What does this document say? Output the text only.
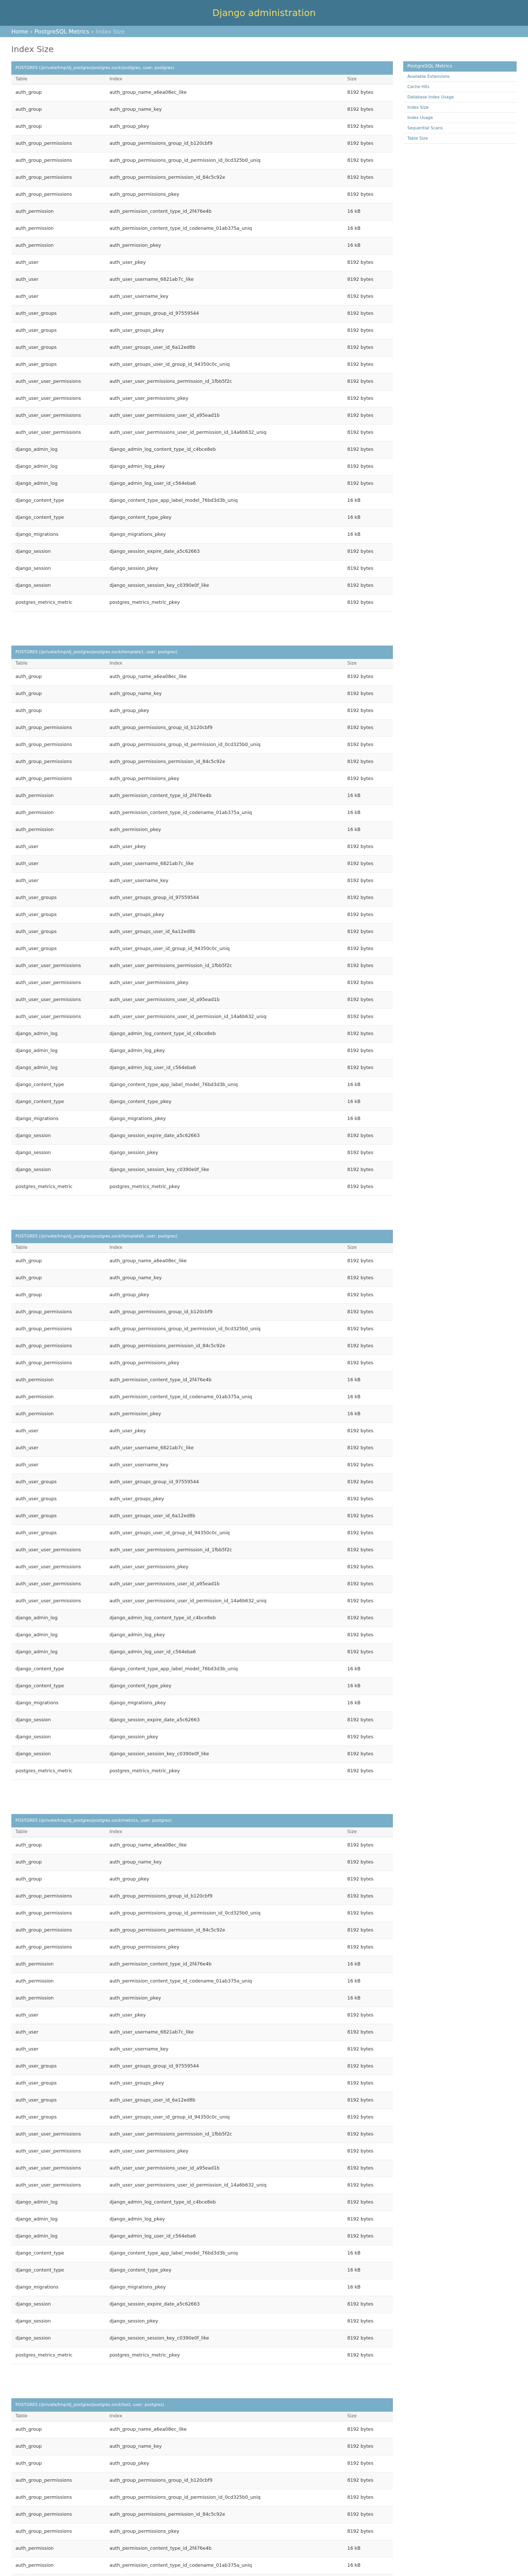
Django administration
Home › PostgreSQL Metrics › Index Size
Index Size
POSTGRES (/private/tmp/dj_postgres/postgres.sock/postgres, user: postgres)
Table	Index	Size
auth_group	auth_group_name_a6ea08ec_like	8192 bytes
auth_group	auth_group_name_key	8192 bytes
auth_group	auth_group_pkey	8192 bytes
auth_group_permissions	auth_group_permissions_group_id_b120cbf9	8192 bytes
auth_group_permissions	auth_group_permissions_group_id_permission_id_0cd325b0_uniq	8192 bytes
auth_group_permissions	auth_group_permissions_permission_id_84c5c92e	8192 bytes
auth_group_permissions	auth_group_permissions_pkey	8192 bytes
auth_permission	auth_permission_content_type_id_2f476e4b	16 kB
auth_permission	auth_permission_content_type_id_codename_01ab375a_uniq	16 kB
auth_permission	auth_permission_pkey	16 kB
auth_user	auth_user_pkey	8192 bytes
auth_user	auth_user_username_6821ab7c_like	8192 bytes
auth_user	auth_user_username_key	8192 bytes
auth_user_groups	auth_user_groups_group_id_97559544	8192 bytes
auth_user_groups	auth_user_groups_pkey	8192 bytes
auth_user_groups	auth_user_groups_user_id_6a12ed8b	8192 bytes
auth_user_groups	auth_user_groups_user_id_group_id_94350c0c_uniq	8192 bytes
auth_user_user_permissions	auth_user_user_permissions_permission_id_1fbb5f2c	8192 bytes
auth_user_user_permissions	auth_user_user_permissions_pkey	8192 bytes
auth_user_user_permissions	auth_user_user_permissions_user_id_a95ead1b	8192 bytes
auth_user_user_permissions	auth_user_user_permissions_user_id_permission_id_14a6b632_uniq	8192 bytes
django_admin_log	django_admin_log_content_type_id_c4bce8eb	8192 bytes
django_admin_log	django_admin_log_pkey	8192 bytes
django_admin_log	django_admin_log_user_id_c564eba6	8192 bytes
django_content_type	django_content_type_app_label_model_76bd3d3b_uniq	16 kB
django_content_type	django_content_type_pkey	16 kB
django_migrations	django_migrations_pkey	16 kB
django_session	django_session_expire_date_a5c62663	8192 bytes
django_session	django_session_pkey	8192 bytes
django_session	django_session_session_key_c0390e0f_like	8192 bytes
postgres_metrics_metric	postgres_metrics_metric_pkey	8192 bytes
POSTGRES (/private/tmp/dj_postgres/postgres.sock/template1, user: postgres)
Table	Index	Size
auth_group	auth_group_name_a6ea08ec_like	8192 bytes
auth_group	auth_group_name_key	8192 bytes
auth_group	auth_group_pkey	8192 bytes
auth_group_permissions	auth_group_permissions_group_id_b120cbf9	8192 bytes
auth_group_permissions	auth_group_permissions_group_id_permission_id_0cd325b0_uniq	8192 bytes
auth_group_permissions	auth_group_permissions_permission_id_84c5c92e	8192 bytes
auth_group_permissions	auth_group_permissions_pkey	8192 bytes
auth_permission	auth_permission_content_type_id_2f476e4b	16 kB
auth_permission	auth_permission_content_type_id_codename_01ab375a_uniq	16 kB
auth_permission	auth_permission_pkey	16 kB
auth_user	auth_user_pkey	8192 bytes
auth_user	auth_user_username_6821ab7c_like	8192 bytes
auth_user	auth_user_username_key	8192 bytes
auth_user_groups	auth_user_groups_group_id_97559544	8192 bytes
auth_user_groups	auth_user_groups_pkey	8192 bytes
auth_user_groups	auth_user_groups_user_id_6a12ed8b	8192 bytes
auth_user_groups	auth_user_groups_user_id_group_id_94350c0c_uniq	8192 bytes
auth_user_user_permissions	auth_user_user_permissions_permission_id_1fbb5f2c	8192 bytes
auth_user_user_permissions	auth_user_user_permissions_pkey	8192 bytes
auth_user_user_permissions	auth_user_user_permissions_user_id_a95ead1b	8192 bytes
auth_user_user_permissions	auth_user_user_permissions_user_id_permission_id_14a6b632_uniq	8192 bytes
django_admin_log	django_admin_log_content_type_id_c4bce8eb	8192 bytes
django_admin_log	django_admin_log_pkey	8192 bytes
django_admin_log	django_admin_log_user_id_c564eba6	8192 bytes
django_content_type	django_content_type_app_label_model_76bd3d3b_uniq	16 kB
django_content_type	django_content_type_pkey	16 kB
django_migrations	django_migrations_pkey	16 kB
django_session	django_session_expire_date_a5c62663	8192 bytes
django_session	django_session_pkey	8192 bytes
django_session	django_session_session_key_c0390e0f_like	8192 bytes
postgres_metrics_metric	postgres_metrics_metric_pkey	8192 bytes
POSTGRES (/private/tmp/dj_postgres/postgres.sock/template0, user: postgres)
Table	Index	Size
auth_group	auth_group_name_a6ea08ec_like	8192 bytes
auth_group	auth_group_name_key	8192 bytes
auth_group	auth_group_pkey	8192 bytes
auth_group_permissions	auth_group_permissions_group_id_b120cbf9	8192 bytes
auth_group_permissions	auth_group_permissions_group_id_permission_id_0cd325b0_uniq	8192 bytes
auth_group_permissions	auth_group_permissions_permission_id_84c5c92e	8192 bytes
auth_group_permissions	auth_group_permissions_pkey	8192 bytes
auth_permission	auth_permission_content_type_id_2f476e4b	16 kB
auth_permission	auth_permission_content_type_id_codename_01ab375a_uniq	16 kB
auth_permission	auth_permission_pkey	16 kB
auth_user	auth_user_pkey	8192 bytes
auth_user	auth_user_username_6821ab7c_like	8192 bytes
auth_user	auth_user_username_key	8192 bytes
auth_user_groups	auth_user_groups_group_id_97559544	8192 bytes
auth_user_groups	auth_user_groups_pkey	8192 bytes
auth_user_groups	auth_user_groups_user_id_6a12ed8b	8192 bytes
auth_user_groups	auth_user_groups_user_id_group_id_94350c0c_uniq	8192 bytes
auth_user_user_permissions	auth_user_user_permissions_permission_id_1fbb5f2c	8192 bytes
auth_user_user_permissions	auth_user_user_permissions_pkey	8192 bytes
auth_user_user_permissions	auth_user_user_permissions_user_id_a95ead1b	8192 bytes
auth_user_user_permissions	auth_user_user_permissions_user_id_permission_id_14a6b632_uniq	8192 bytes
django_admin_log	django_admin_log_content_type_id_c4bce8eb	8192 bytes
django_admin_log	django_admin_log_pkey	8192 bytes
django_admin_log	django_admin_log_user_id_c564eba6	8192 bytes
django_content_type	django_content_type_app_label_model_76bd3d3b_uniq	16 kB
django_content_type	django_content_type_pkey	16 kB
django_migrations	django_migrations_pkey	16 kB
django_session	django_session_expire_date_a5c62663	8192 bytes
django_session	django_session_pkey	8192 bytes
django_session	django_session_session_key_c0390e0f_like	8192 bytes
postgres_metrics_metric	postgres_metrics_metric_pkey	8192 bytes
POSTGRES (/private/tmp/dj_postgres/postgres.sock/metrics, user: postgres)
Table	Index	Size
auth_group	auth_group_name_a6ea08ec_like	8192 bytes
auth_group	auth_group_name_key	8192 bytes
auth_group	auth_group_pkey	8192 bytes
auth_group_permissions	auth_group_permissions_group_id_b120cbf9	8192 bytes
auth_group_permissions	auth_group_permissions_group_id_permission_id_0cd325b0_uniq	8192 bytes
auth_group_permissions	auth_group_permissions_permission_id_84c5c92e	8192 bytes
auth_group_permissions	auth_group_permissions_pkey	8192 bytes
auth_permission	auth_permission_content_type_id_2f476e4b	16 kB
auth_permission	auth_permission_content_type_id_codename_01ab375a_uniq	16 kB
auth_permission	auth_permission_pkey	16 kB
auth_user	auth_user_pkey	8192 bytes
auth_user	auth_user_username_6821ab7c_like	8192 bytes
auth_user	auth_user_username_key	8192 bytes
auth_user_groups	auth_user_groups_group_id_97559544	8192 bytes
auth_user_groups	auth_user_groups_pkey	8192 bytes
auth_user_groups	auth_user_groups_user_id_6a12ed8b	8192 bytes
auth_user_groups	auth_user_groups_user_id_group_id_94350c0c_uniq	8192 bytes
auth_user_user_permissions	auth_user_user_permissions_permission_id_1fbb5f2c	8192 bytes
auth_user_user_permissions	auth_user_user_permissions_pkey	8192 bytes
auth_user_user_permissions	auth_user_user_permissions_user_id_a95ead1b	8192 bytes
auth_user_user_permissions	auth_user_user_permissions_user_id_permission_id_14a6b632_uniq	8192 bytes
django_admin_log	django_admin_log_content_type_id_c4bce8eb	8192 bytes
django_admin_log	django_admin_log_pkey	8192 bytes
django_admin_log	django_admin_log_user_id_c564eba6	8192 bytes
django_content_type	django_content_type_app_label_model_76bd3d3b_uniq	16 kB
django_content_type	django_content_type_pkey	16 kB
django_migrations	django_migrations_pkey	16 kB
django_session	django_session_expire_date_a5c62663	8192 bytes
django_session	django_session_pkey	8192 bytes
django_session	django_session_session_key_c0390e0f_like	8192 bytes
postgres_metrics_metric	postgres_metrics_metric_pkey	8192 bytes
POSTGRES (/private/tmp/dj_postgres/postgres.sock/test, user: postgres)
Table	Index	Size
auth_group	auth_group_name_a6ea08ec_like	8192 bytes
auth_group	auth_group_name_key	8192 bytes
auth_group	auth_group_pkey	8192 bytes
auth_group_permissions	auth_group_permissions_group_id_b120cbf9	8192 bytes
auth_group_permissions	auth_group_permissions_group_id_permission_id_0cd325b0_uniq	8192 bytes
auth_group_permissions	auth_group_permissions_permission_id_84c5c92e	8192 bytes
auth_group_permissions	auth_group_permissions_pkey	8192 bytes
auth_permission	auth_permission_content_type_id_2f476e4b	16 kB
auth_permission	auth_permission_content_type_id_codename_01ab375a_uniq	16 kB

PostgreSQL Metrics
Available Extensions
Cache Hits
Database Index Usage
Index Size
Index Usage
Sequential Scans
Table Size
